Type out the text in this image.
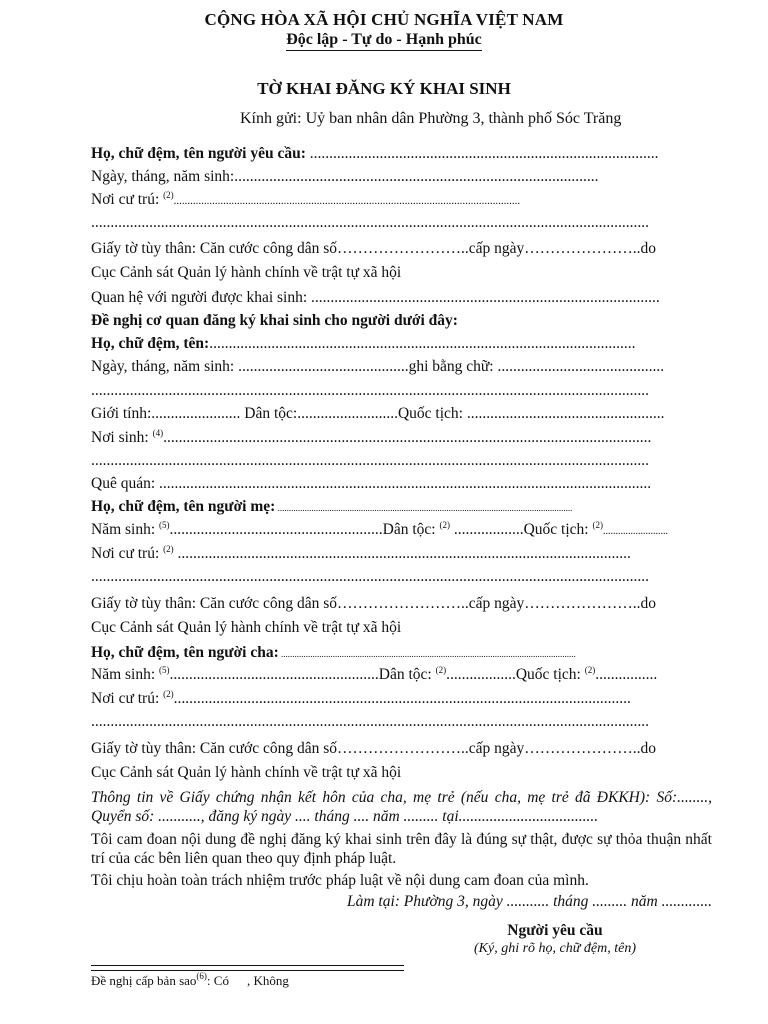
CỘNG HÒA XÃ HỘI CHỦ NGHĨA VIỆT NAM
Độc lập - Tự do - Hạnh phúc
TỜ KHAI ĐĂNG KÝ KHAI SINH
Kính gửi: Uỷ ban nhân dân Phường 3, thành phố Sóc Trăng
Họ, chữ đệm, tên người yêu cầu: ..........................................................................................
Ngày, tháng, năm sinh:..............................................................................................
Nơi cư trú: $^{(2)}$..............................................................................................................................
................................................................................................................................................
Giấy tờ tùy thân: Căn cước công dân số……………………..cấp ngày…………………..do
Cục Cảnh sát Quản lý hành chính về trật tự xã hội
Quan hệ với người được khai sinh: ..........................................................................................
Đề nghị cơ quan đăng ký khai sinh cho người dưới đây:
Họ, chữ đệm, tên:..............................................................................................................
Ngày, tháng, năm sinh: ............................................ghi bằng chữ: ...........................................
................................................................................................................................................
Giới tính:....................... Dân tộc:..........................Quốc tịch: ...................................................
Nơi sinh: $^{(4)}$..............................................................................................................................
................................................................................................................................................
Quê quán: ...............................................................................................................................
Họ, chữ đệm, tên người mẹ: ...................................................................................................................................
Năm sinh: $^{(5)}$.......................................................Dân tộc: $^{(2)}$ ..................Quốc tịch: $^{(2)}$..........................
Nơi cư trú: $^{(2)}$ .....................................................................................................................
................................................................................................................................................
Giấy tờ tùy thân: Căn cước công dân số……………………..cấp ngày…………………..do
Cục Cảnh sát Quản lý hành chính về trật tự xã hội
Họ, chữ đệm, tên người cha: ...................................................................................................................................
Năm sinh: $^{(5)}$......................................................Dân tộc: $^{(2)}$..................Quốc tịch: $^{(2)}$................
Nơi cư trú: $^{(2)}$......................................................................................................................
................................................................................................................................................
Giấy tờ tùy thân: Căn cước công dân số……………………..cấp ngày…………………..do
Cục Cảnh sát Quản lý hành chính về trật tự xã hội
Thông tin về Giấy chứng nhận kết hôn của cha, mẹ trẻ (nếu cha, mẹ trẻ đã ĐKKH): Số:........, Quyển số: ..........., đăng ký ngày .... tháng .... năm ......... tại....................................
Tôi cam đoan nội dung đề nghị đăng ký khai sinh trên đây là đúng sự thật, được sự thỏa thuận nhất trí của các bên liên quan theo quy định pháp luật.
Tôi chịu hoàn toàn trách nhiệm trước pháp luật về nội dung cam đoan của mình.
Làm tại: Phường 3, ngày ........... tháng ......... năm .............
Người yêu cầu
(Ký, ghi rõ họ, chữ đệm, tên)
Đề nghị cấp bản sao$^{(6)}$: Có , Không
